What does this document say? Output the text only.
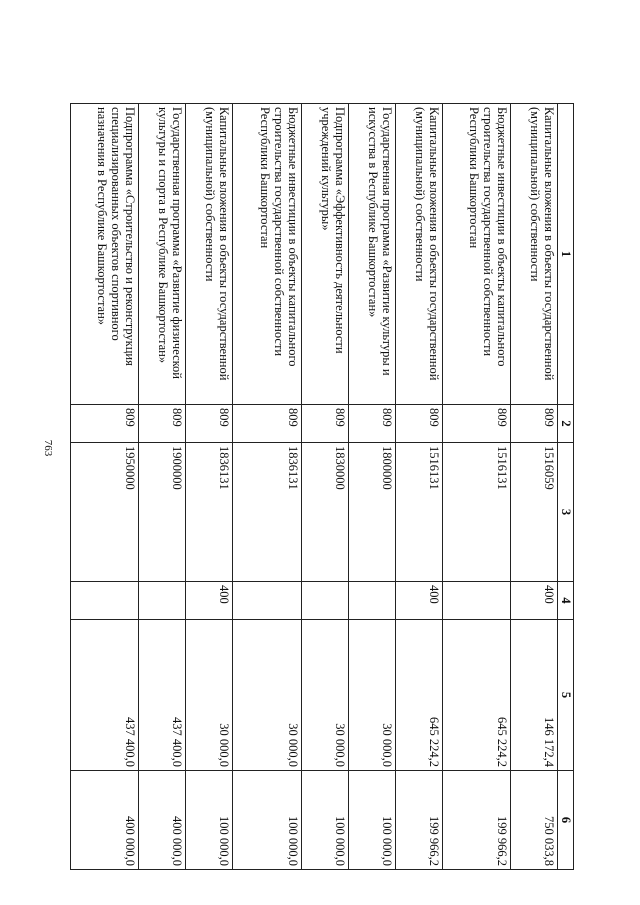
763
1	2	3	4	5	6
Капитальные вложения в объекты государственной (муниципальной) собственности	809	1516059	400	146 172,4	750 033,8
Бюджетные инвестиции в объекты капитального строительства государственной собственности Республики Башкортостан	809	1516131		645 224,2	199 966,2
Капитальные вложения в объекты государственной (муниципальной) собственности	809	1516131	400	645 224,2	199 966,2
Государственная программа «Развитие культуры и искусства в Республике Башкортостан»	809	1800000		30 000,0	100 000,0
Подпрограмма «Эффективность деятельности учреждений культуры»	809	1830000		30 000,0	100 000,0
Бюджетные инвестиции в объекты капитального строительства государственной собственности Республики Башкортостан	809	1836131		30 000,0	100 000,0
Капитальные вложения в объекты государственной (муниципальной) собственности	809	1836131	400	30 000,0	100 000,0
Государственная программа «Развитие физической культуры и спорта в Республике Башкортостан»	809	1900000		437 400,0	400 000,0
Подпрограмма «Строительство и реконструкция специализированных объектов спортивного назначения в Республике Башкортостан»	809	1950000		437 400,0	400 000,0
